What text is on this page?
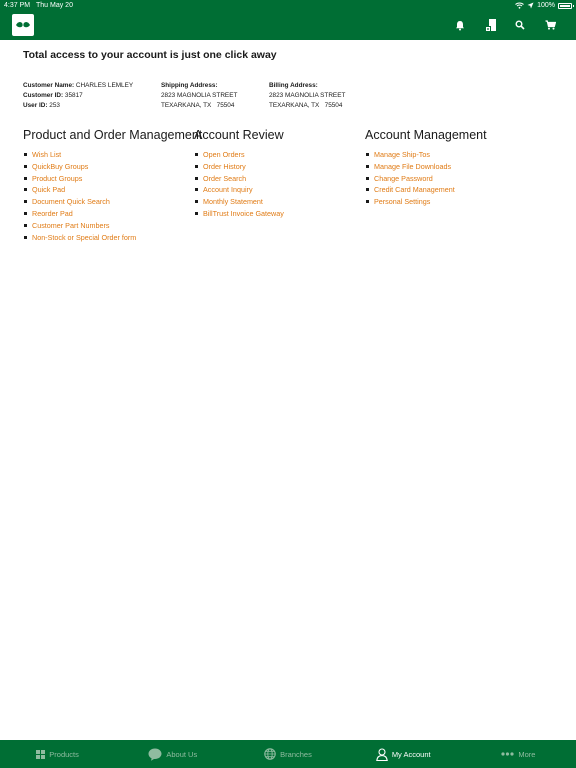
4:37 PM Thu May 20	100%
Total access to your account is just one click away
Customer Name: CHARLES LEMLEY
Customer ID: 35817
User ID: 253
Shipping Address:
2823 MAGNOLIA STREET
TEXARKANA, TX   75504
Billing Address:
2823 MAGNOLIA STREET
TEXARKANA, TX   75504
Product and Order Management
Wish List
QuickBuy Groups
Product Groups
Quick Pad
Document Quick Search
Reorder Pad
Customer Part Numbers
Non-Stock or Special Order form
Account Review
Open Orders
Order History
Order Search
Account Inquiry
Monthly Statement
BillTrust Invoice Gateway
Account Management
Manage Ship-Tos
Manage File Downloads
Change Password
Credit Card Management
Personal Settings
Products	About Us	Branches	My Account	More
